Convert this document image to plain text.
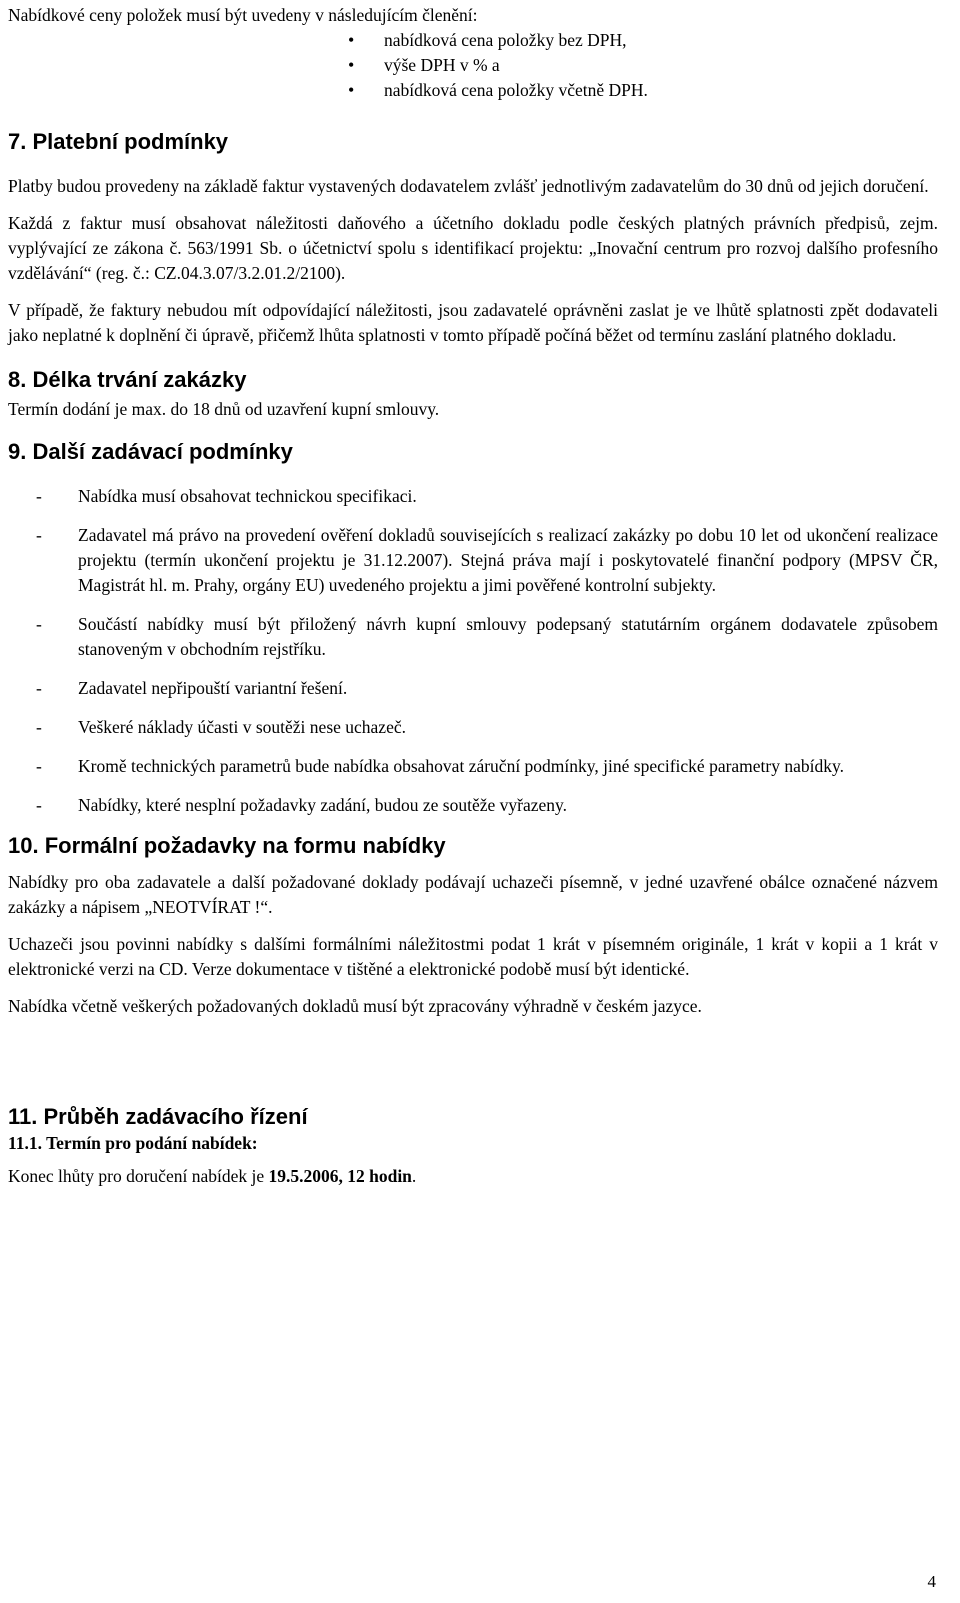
Nabídkové ceny položek musí být uvedeny v následujícím členění:

• nabídková cena položky bez DPH,
• výše DPH v % a
• nabídková cena položky včetně DPH.
7. Platební podmínky

Platby budou provedeny na základě faktur vystavených dodavatelem zvlášť jednotlivým zadavatelům do 30 dnů od jejich doručení.

Každá z faktur musí obsahovat náležitosti daňového a účetního dokladu podle českých platných právních předpisů, zejm. vyplývající ze zákona č. 563/1991 Sb. o účetnictví spolu s identifikací projektu: „Inovační centrum pro rozvoj dalšího profesního vzdělávání“ (reg. č.: CZ.04.3.07/3.2.01.2/2100).

V případě, že faktury nebudou mít odpovídající náležitosti, jsou zadavatelé oprávněni zaslat je ve lhůtě splatnosti zpět dodavateli jako neplatné k doplnění či úpravě, přičemž lhůta splatnosti v tomto případě počíná běžet od termínu zaslání platného dokladu.

8. Délka trvání zakázky

Termín dodání je max. do 18 dnů od uzavření kupní smlouvy.

9. Další zadávací podmínky
- Nabídka musí obsahovat technickou specifikaci.
- Zadavatel má právo na provedení ověření dokladů souvisejících s realizací zakázky po dobu 10 let od ukončení realizace projektu (termín ukončení projektu je 31.12.2007). Stejná práva mají i poskytovatelé finanční podpory (MPSV ČR, Magistrát hl. m. Prahy, orgány EU) uvedeného projektu a jimi pověřené kontrolní subjekty.
- Součástí nabídky musí být přiložený návrh kupní smlouvy podepsaný statutárním orgánem dodavatele způsobem stanoveným v obchodním rejstříku.
- Zadavatel nepřipouští variantní řešení.
- Veškeré náklady účasti v soutěži nese uchazeč.
- Kromě technických parametrů bude nabídka obsahovat záruční podmínky, jiné specifické parametry nabídky.
- Nabídky, které nesplní požadavky zadání, budou ze soutěže vyřazeny.
10. Formální požadavky na formu nabídky

Nabídky pro oba zadavatele a další požadované doklady podávají uchazeči písemně, v jedné uzavřené obálce označené názvem zakázky a nápisem „NEOTVÍRAT !“.

Uchazeči jsou povinni nabídky s dalšími formálními náležitostmi podat 1 krát v písemném originále, 1 krát v kopii a 1 krát v elektronické verzi na CD. Verze dokumentace v tištěné a elektronické podobě musí být identické.

Nabídka včetně veškerých požadovaných dokladů musí být zpracovány výhradně v českém jazyce.

11. Průběh zadávacího řízení

11.1. Termín pro podání nabídek:

Konec lhůty pro doručení nabídek je 19.5.2006, 12 hodin.

4
